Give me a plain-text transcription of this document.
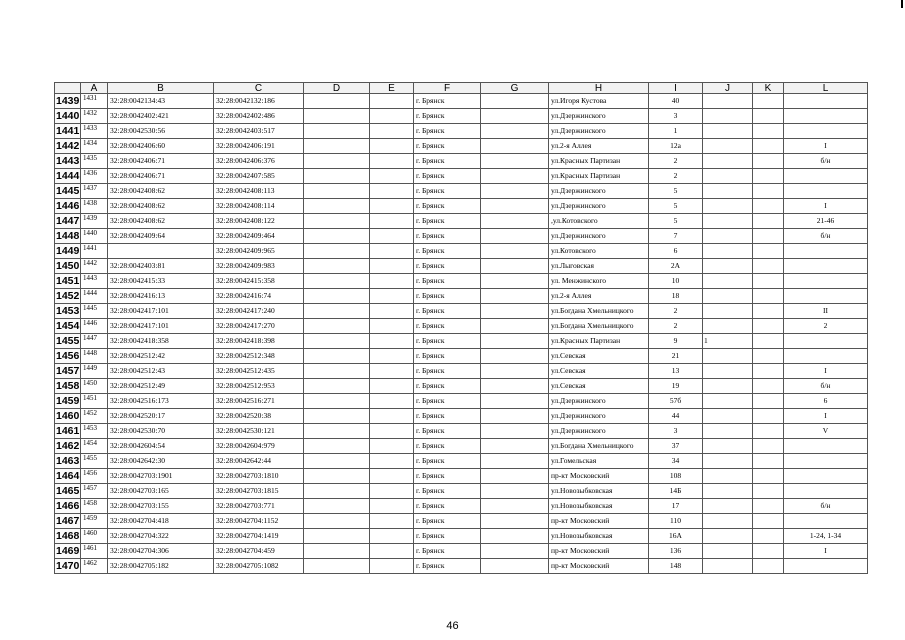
	A	B	C	D	E	F	G	H	I	J	K	L
1439	1431	32:28:0042134:43	32:28:0042132:186			г. Брянск		ул.Игоря Кустова	40			
1440	1432	32:28:0042402:421	32:28:0042402:486			г. Брянск		ул.Дзержинского	3			
1441	1433	32:28:0042530:56	32:28:0042403:517			г. Брянск		ул.Дзержинского	1			
1442	1434	32:28:0042406:60	32:28:0042406:191			г. Брянск		ул.2-я Аллея	12а			I
1443	1435	32:28:0042406:71	32:28:0042406:376			г. Брянск		ул.Красных Партизан	2			б/н
1444	1436	32:28:0042406:71	32:28:0042407:585			г. Брянск		ул.Красных Партизан	2			
1445	1437	32:28:0042408:62	32:28:0042408:113			г. Брянск		ул.Дзержинского	5			
1446	1438	32:28:0042408:62	32:28:0042408:114			г. Брянск		ул.Дзержинского	5			I
1447	1439	32:28:0042408:62	32:28:0042408:122			г. Брянск		,ул.Котовского	5			21-46
1448	1440	32:28:0042409:64	32:28:0042409:464			г. Брянск		ул.Дзержинского	7			б/н
1449	1441		32:28:0042409:965			г. Брянск		ул.Котовского	6			
1450	1442	32:28:0042403:81	32:28:0042409:983			г. Брянск		ул.Лыговская	2А			
1451	1443	32:28:0042415:33	32:28:0042415:358			г. Брянск		ул. Менжинского	10			
1452	1444	32:28:0042416:13	32:28:0042416:74			г. Брянск		ул.2-я Аллея	18			
1453	1445	32:28:0042417:101	32:28:0042417:240			г. Брянск		ул.Богдана Хмельницкого	2			II
1454	1446	32:28:0042417:101	32:28:0042417:270			г. Брянск		ул.Богдана Хмельницкого	2			2
1455	1447	32:28:0042418:358	32:28:0042418:398			г. Брянск		ул.Красных Партизан	9	1		
1456	1448	32:28:0042512:42	32:28:0042512:348			г. Брянск		ул.Севская	21			
1457	1449	32:28:0042512:43	32:28:0042512:435			г. Брянск		ул.Севская	13			I
1458	1450	32:28:0042512:49	32:28:0042512:953			г. Брянск		ул.Севская	19			б/н
1459	1451	32:28:0042516:173	32:28:0042516:271			г. Брянск		ул.Дзержинского	57б			6
1460	1452	32:28:0042520:17	32:28:0042520:38			г. Брянск		ул.Дзержинского	44			I
1461	1453	32:28:0042530:70	32:28:0042530:121			г. Брянск		ул.Дзержинского	3			V
1462	1454	32:28:0042604:54	32:28:0042604:979			г. Брянск		ул.Богдана Хмельницкого	37			
1463	1455	32:28:0042642:30	32:28:0042642:44			г. Брянск		ул.Гомельская	34			
1464	1456	32:28:0042703:1901	32:28:0042703:1810			г. Брянск		пр-кт Московский	108			
1465	1457	32:28:0042703:165	32:28:0042703:1815			г. Брянск		ул.Новозыбковская	14Б			
1466	1458	32:28:0042703:155	32:28:0042703:771			г. Брянск		ул.Новозыбковская	17			б/н
1467	1459	32:28:0042704:418	32:28:0042704:1152			г. Брянск		пр-кт Московский	110			
1468	1460	32:28:0042704:322	32:28:0042704:1419			г. Брянск		ул.Новозыбковская	16А			1-24, 1-34
1469	1461	32:28:0042704:306	32:28:0042704:459			г. Брянск		пр-кт Московский	136			I
1470	1462	32:28:0042705:182	32:28:0042705:1082			г. Брянск		пр-кт Московский	148			
46
